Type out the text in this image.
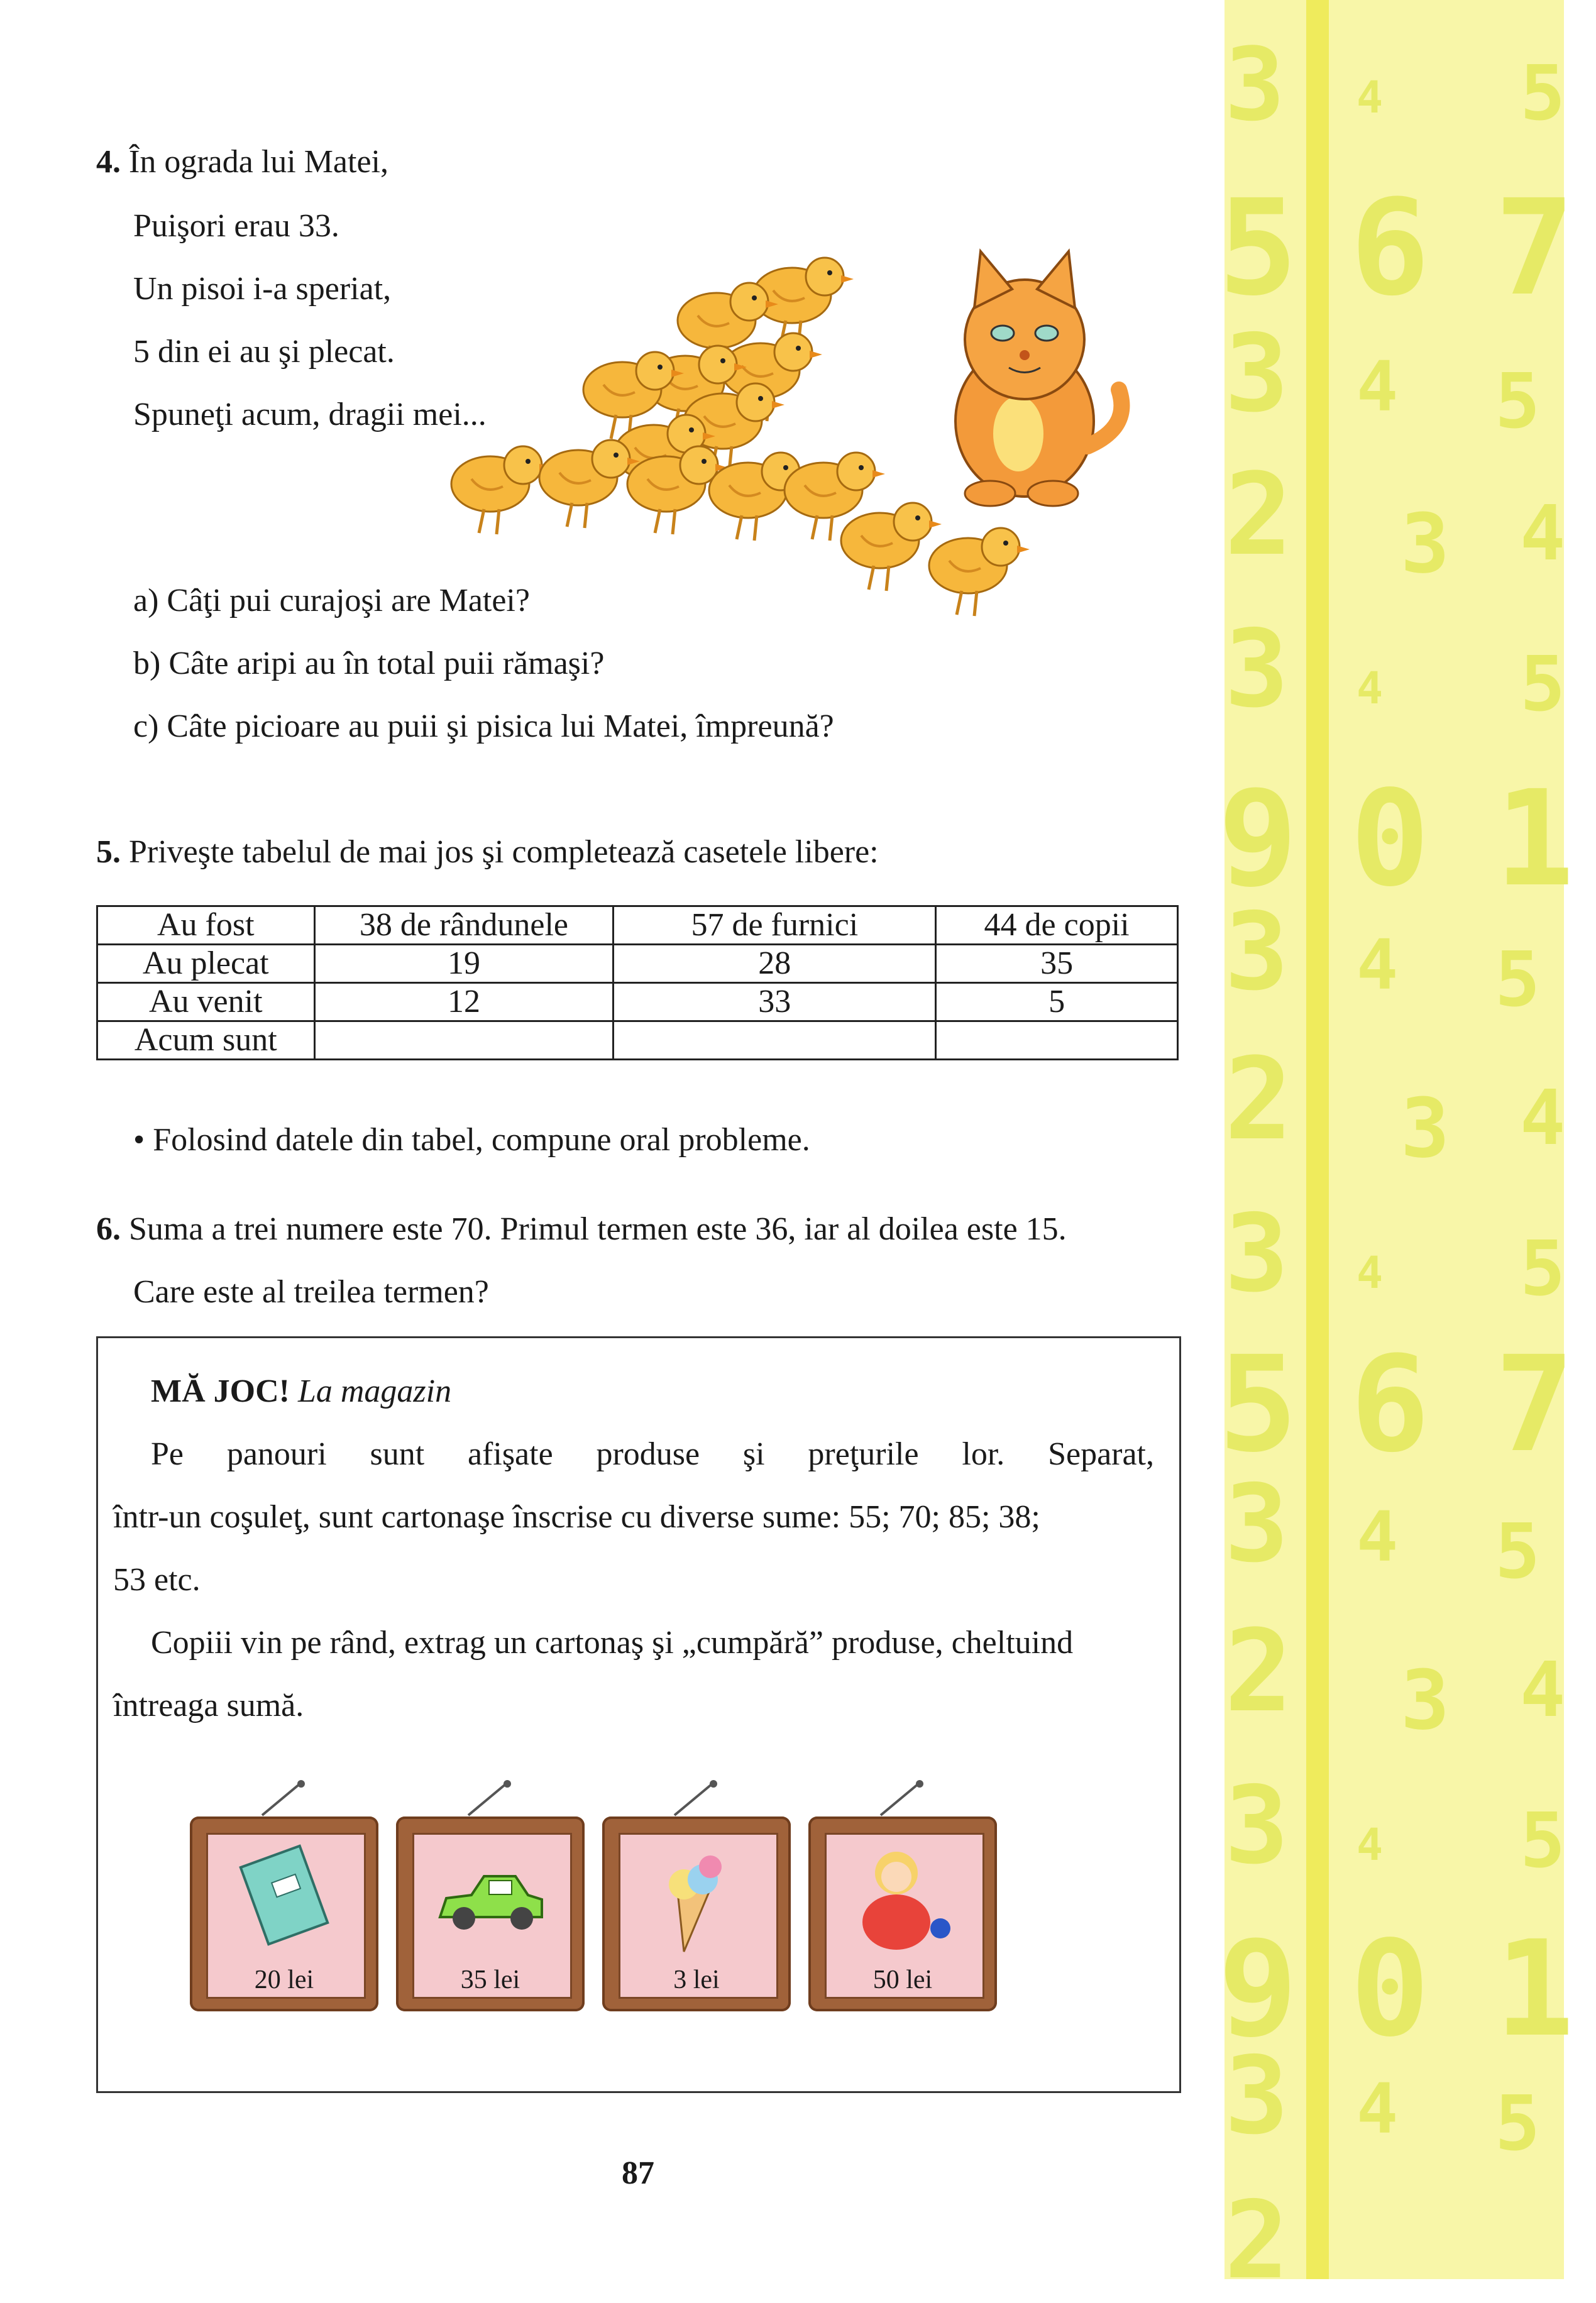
3 4 5
5 6 7
3 4 5
2 3 4
3 4 5
9 0 1
3 4 5
2 3 4
3 4 5
5 6 7
3 4 5
2 3 4
3 4 5
9 0 1
3 4 5
2
4. În ograda lui Matei,
Puişori erau 33.
Un pisoi i-a speriat,
5 din ei au şi plecat.
Spuneţi acum, dragii mei...
a) Câţi pui curajoşi are Matei?
b) Câte aripi au în total puii rămaşi?
c) Câte picioare au puii şi pisica lui Matei, împreună?
5. Priveşte tabelul de mai jos şi completează casetele libere:
Au fost	38 de rândunele	57 de furnici	44 de copii
Au plecat	19	28	35
Au venit	12	33	5
Acum sunt			
• Folosind datele din tabel, compune oral probleme.
6. Suma a trei numere este 70. Primul termen este 36, iar al doilea este 15.
Care este al treilea termen?
MĂ JOC! La magazin
Pe panouri sunt afişate produse şi preţurile lor. Separat,
într-un coşuleţ, sunt cartonaşe înscrise cu diverse sume: 55; 70; 85; 38;
53 etc.
Copiii vin pe rând, extrag un cartonaş şi „cumpără” produse, cheltuind
întreaga sumă.
20 lei	35 lei	3 lei	50 lei
87
